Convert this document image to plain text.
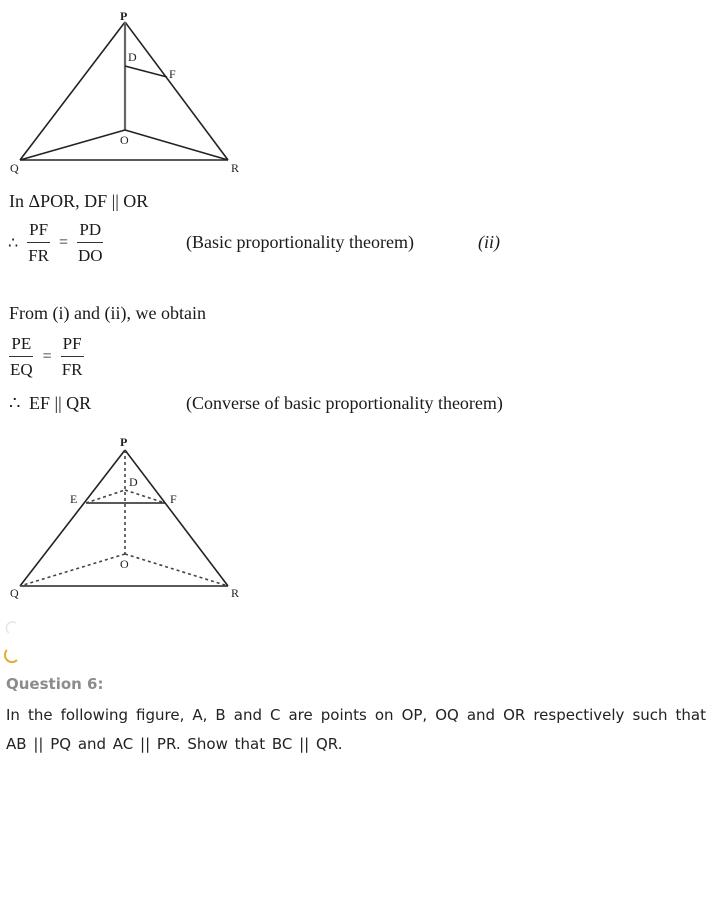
P
D
F
O
Q	R
In ΔPOR, DF || OR
∴ $\frac{PF}{FR} = \frac{PD}{DO}$	(Basic proportionality theorem)	(ii)
From (i) and (ii), we obtain
$\frac{PE}{EQ} = \frac{PF}{FR}$
∴ EF || QR	(Converse of basic proportionality theorem)
P
E
D
F
O
Q	R
Question 6:
In the following figure, A, B and C are points on OP, OQ and OR respectively such that AB || PQ and AC || PR. Show that BC || QR.
